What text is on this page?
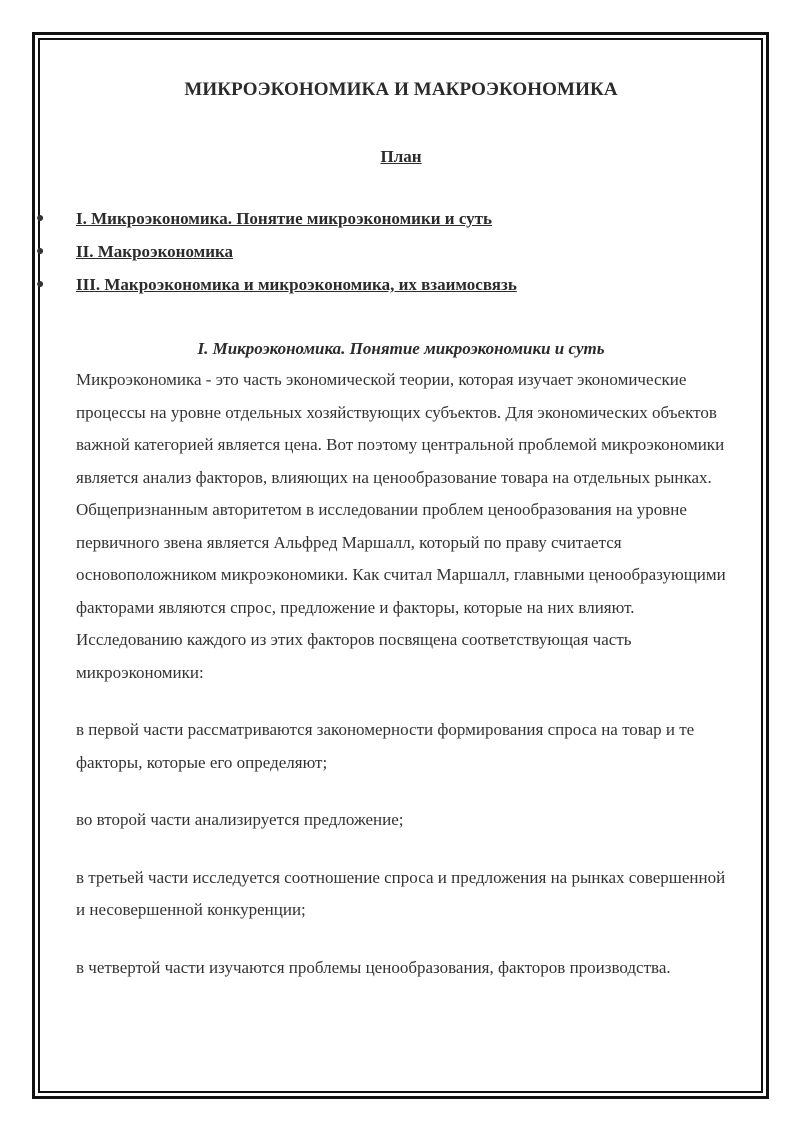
МИКРОЭКОНОМИКА И МАКРОЭКОНОМИКА
План
● I. Микроэкономика. Понятие микроэкономики и суть
● II. Макроэкономика
● III. Макроэкономика и микроэкономика, их взаимосвязь
I. Микроэкономика. Понятие микроэкономики и суть

Микроэкономика - это часть экономической теории, которая изучает экономические процессы на уровне отдельных хозяйствующих субъектов. Для экономических объектов важной категорией является цена. Вот поэтому центральной проблемой микроэкономики является анализ факторов, влияющих на ценообразование товара на отдельных рынках.

Общепризнанным авторитетом в исследовании проблем ценообразования на уровне первичного звена является Альфред Маршалл, который по праву считается основоположником микроэкономики. Как считал Маршалл, главными ценообразующими факторами являются спрос, предложение и факторы, которые на них влияют. Исследованию каждого из этих факторов посвящена соответствующая часть микроэкономики:

в первой части рассматриваются закономерности формирования спроса на товар и те факторы, которые его определяют;

во второй части анализируется предложение;

в третьей части исследуется соотношение спроса и предложения на рынках совершенной и несовершенной конкуренции;

в четвертой части изучаются проблемы ценообразования, факторов производства.
